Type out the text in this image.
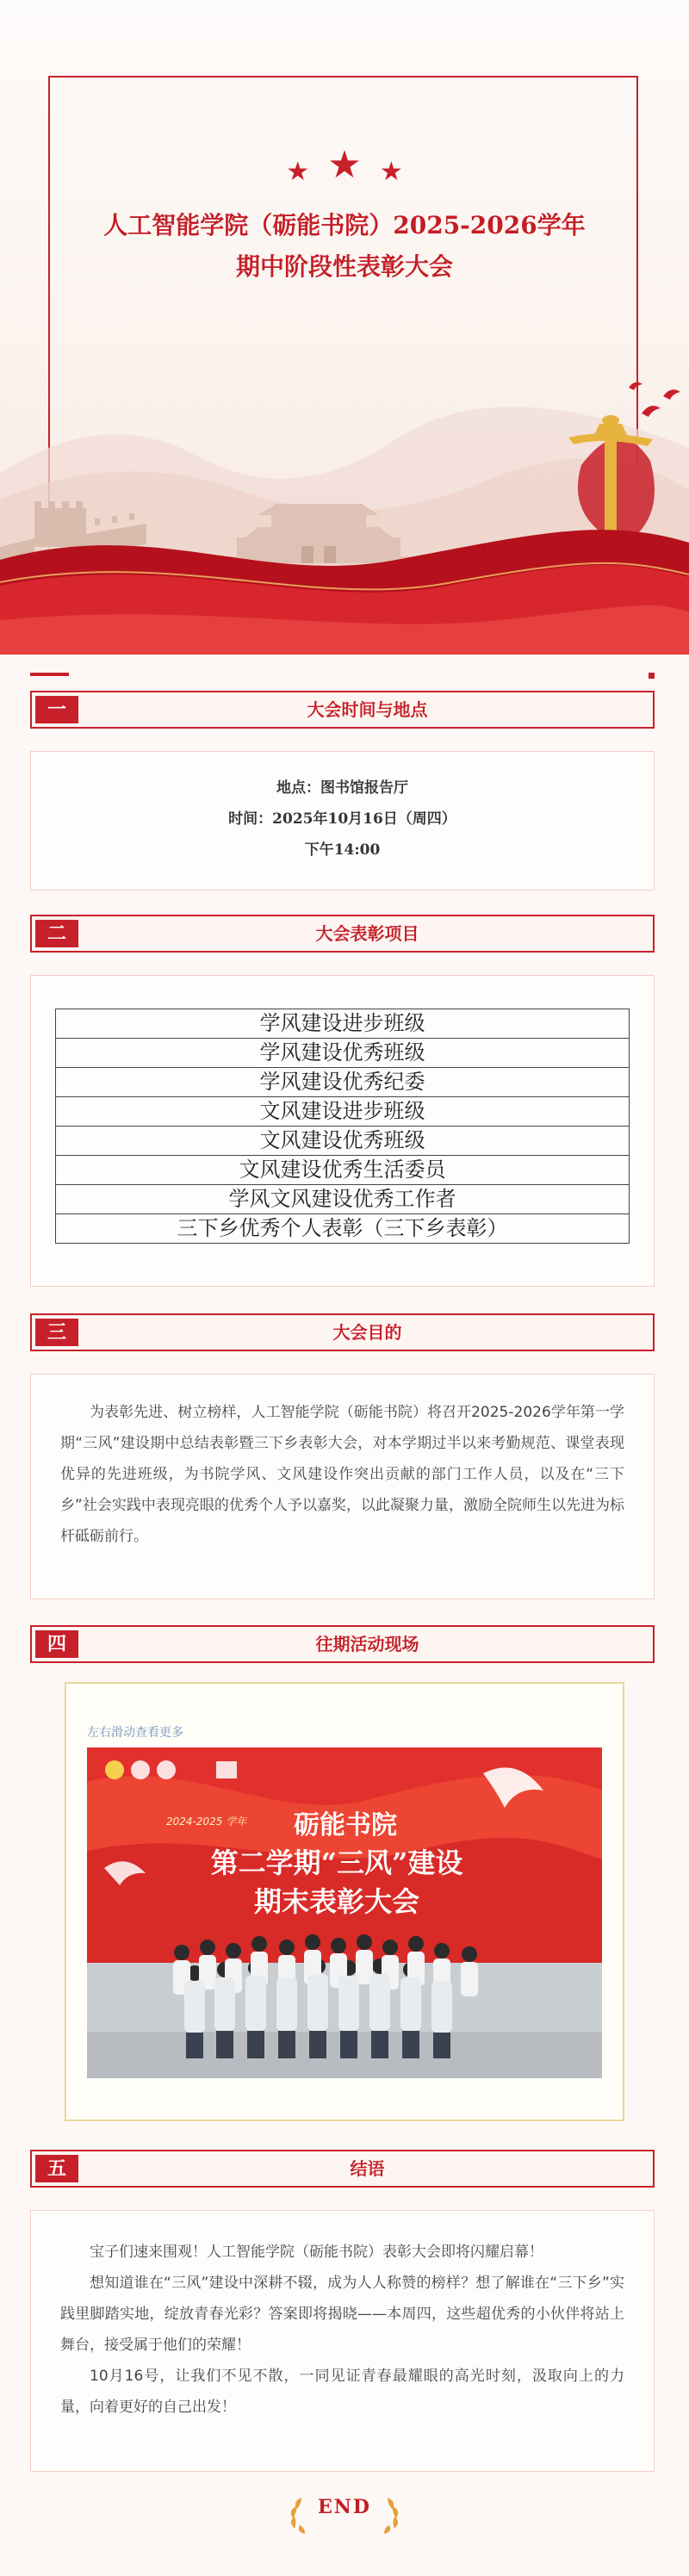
★ ★ ★
人工智能学院（砺能书院）2025-2026学年
期中阶段性表彰大会
一	大会时间与地点
地点：图书馆报告厅
时间：2025年10月16日（周四）
下午14:00
二	大会表彰项目
学风建设进步班级
学风建设优秀班级
学风建设优秀纪委
文风建设进步班级
文风建设优秀班级
文风建设优秀生活委员
学风文风建设优秀工作者
三下乡优秀个人表彰（三下乡表彰）
三	大会目的

为表彰先进、树立榜样，人工智能学院（砺能书院）将召开2025-2026学年第一学期“三风”建设期中总结表彰暨三下乡表彰大会，对本学期过半以来考勤规范、课堂表现优异的先进班级，为书院学风、文风建设作突出贡献的部门工作人员，以及在“三下乡”社会实践中表现亮眼的优秀个人予以嘉奖，以此凝聚力量，激励全院师生以先进为标杆砥砺前行。

四	往期活动现场
左右滑动查看更多
2024-2025 学年 砺能书院
第二学期“三风”建设
期末表彰大会
五	结语

宝子们速来围观！人工智能学院（砺能书院）表彰大会即将闪耀启幕！

想知道谁在“三风”建设中深耕不辍，成为人人称赞的榜样？想了解谁在“三下乡”实践里脚踏实地，绽放青春光彩？答案即将揭晓——本周四，这些超优秀的小伙伴将站上舞台，接受属于他们的荣耀！

10月16号，让我们不见不散，一同见证青春最耀眼的高光时刻，汲取向上的力量，向着更好的自己出发！

END
